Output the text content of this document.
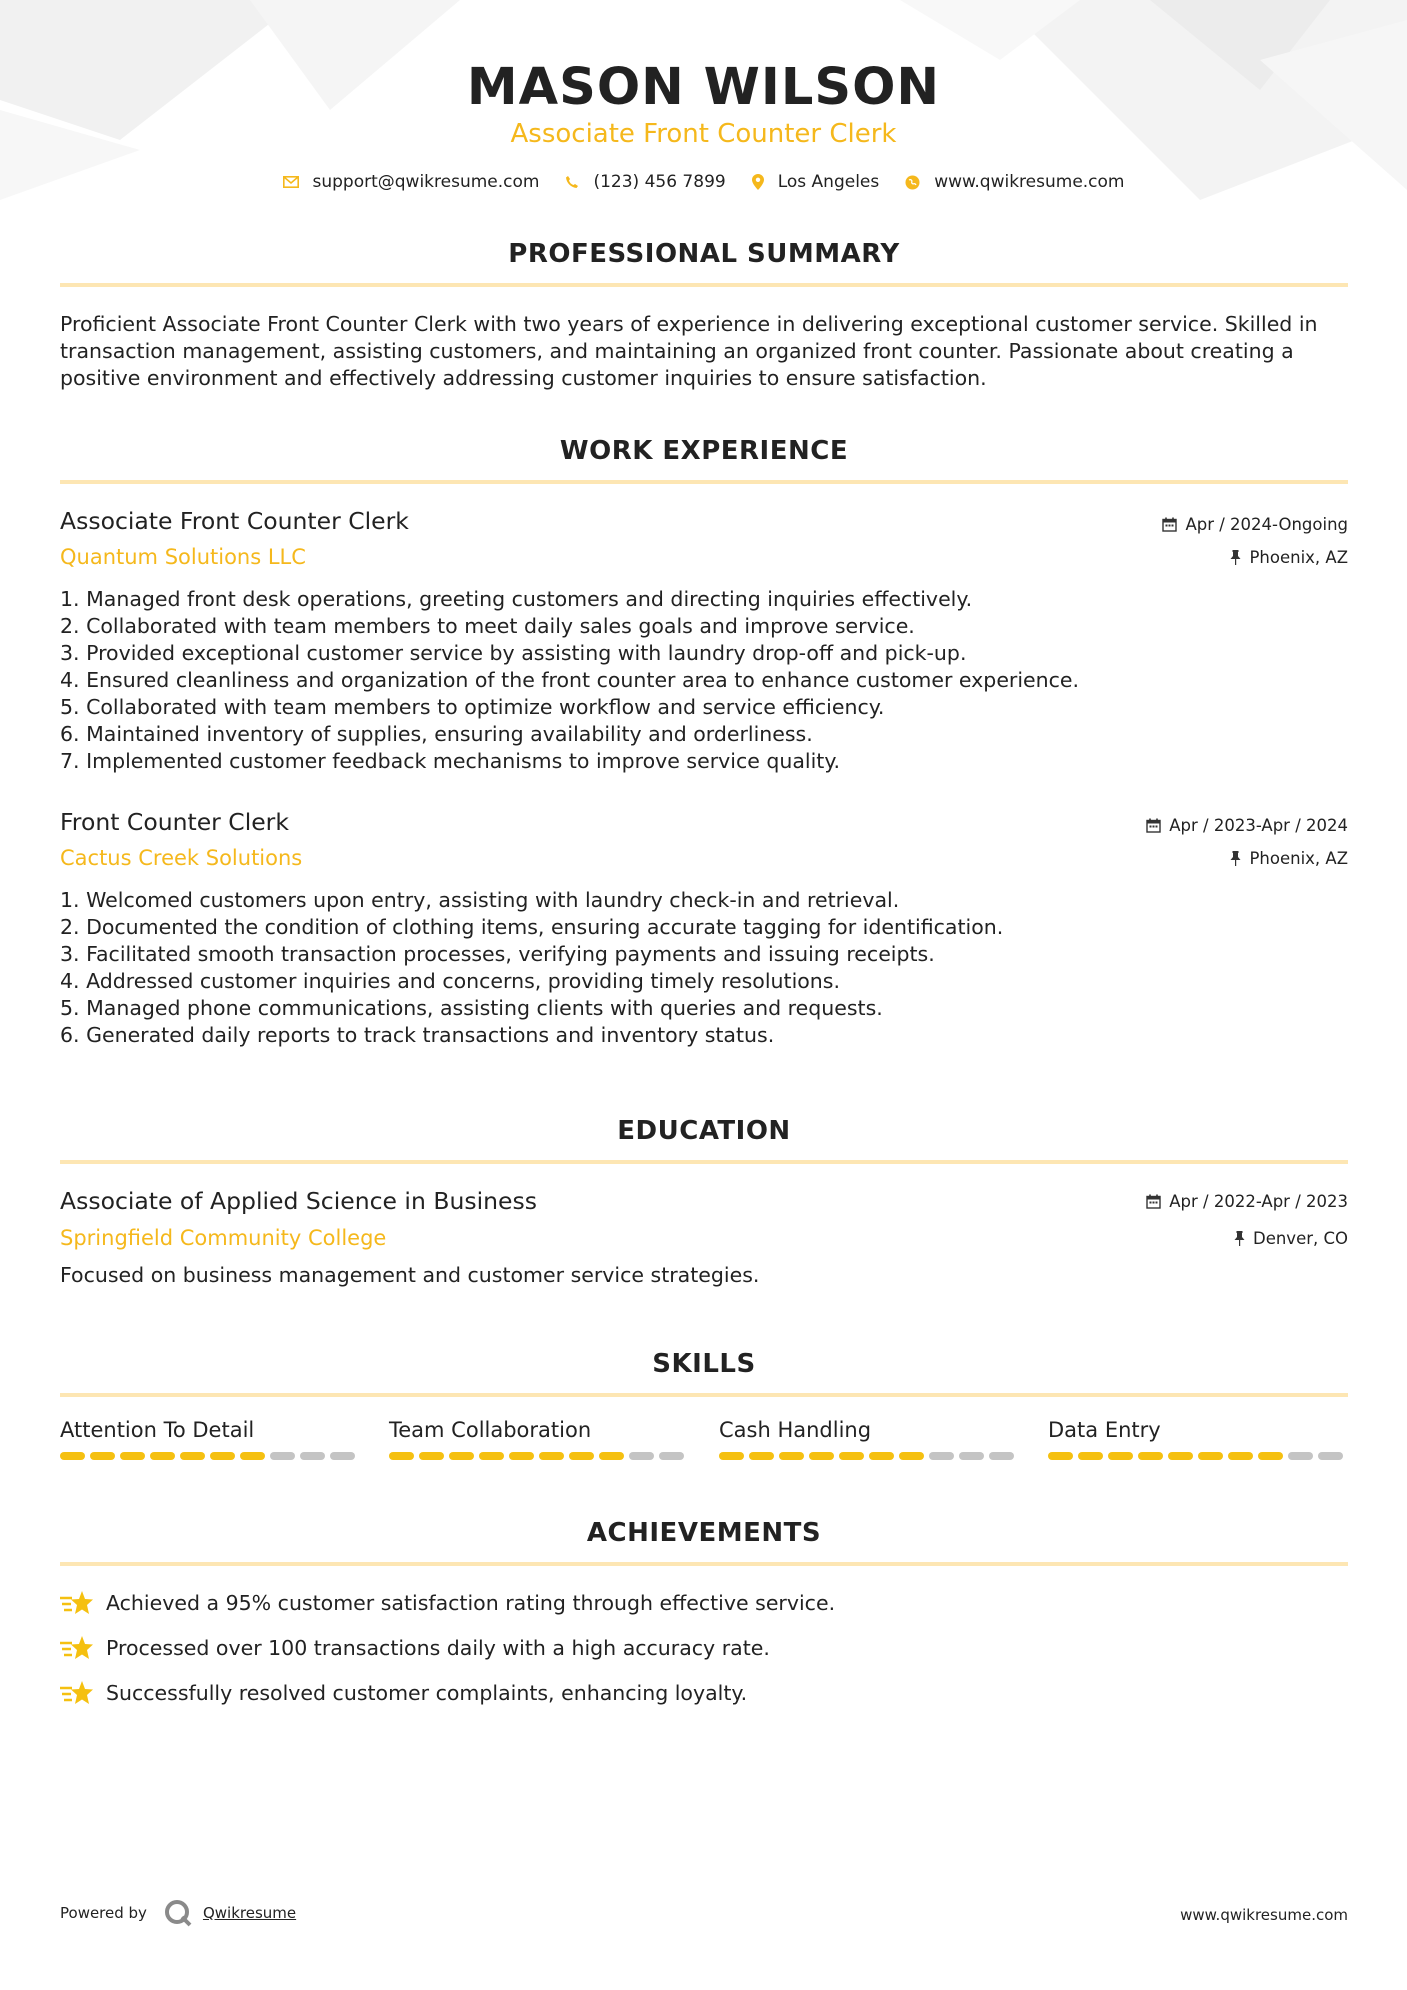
MASON WILSON
Associate Front Counter Clerk
support@qwikresume.com	(123) 456 7899	Los Angeles	www.qwikresume.com
PROFESSIONAL SUMMARY
Proficient Associate Front Counter Clerk with two years of experience in delivering exceptional customer service. Skilled in transaction management, assisting customers, and maintaining an organized front counter. Passionate about creating a positive environment and effectively addressing customer inquiries to ensure satisfaction.
WORK EXPERIENCE
Associate Front Counter Clerk	Apr / 2024-Ongoing
Quantum Solutions LLC	Phoenix, AZ
1. Managed front desk operations, greeting customers and directing inquiries effectively.
2. Collaborated with team members to meet daily sales goals and improve service.
3. Provided exceptional customer service by assisting with laundry drop-off and pick-up.
4. Ensured cleanliness and organization of the front counter area to enhance customer experience.
5. Collaborated with team members to optimize workflow and service efficiency.
6. Maintained inventory of supplies, ensuring availability and orderliness.
7. Implemented customer feedback mechanisms to improve service quality.
Front Counter Clerk	Apr / 2023-Apr / 2024
Cactus Creek Solutions	Phoenix, AZ
1. Welcomed customers upon entry, assisting with laundry check-in and retrieval.
2. Documented the condition of clothing items, ensuring accurate tagging for identification.
3. Facilitated smooth transaction processes, verifying payments and issuing receipts.
4. Addressed customer inquiries and concerns, providing timely resolutions.
5. Managed phone communications, assisting clients with queries and requests.
6. Generated daily reports to track transactions and inventory status.
EDUCATION
Associate of Applied Science in Business	Apr / 2022-Apr / 2023
Springfield Community College	Denver, CO
Focused on business management and customer service strategies.
SKILLS
Attention To Detail	Team Collaboration	Cash Handling	Data Entry
ACHIEVEMENTS
Achieved a 95% customer satisfaction rating through effective service.
Processed over 100 transactions daily with a high accuracy rate.
Successfully resolved customer complaints, enhancing loyalty.
Powered by	Qwikresume	www.qwikresume.com
